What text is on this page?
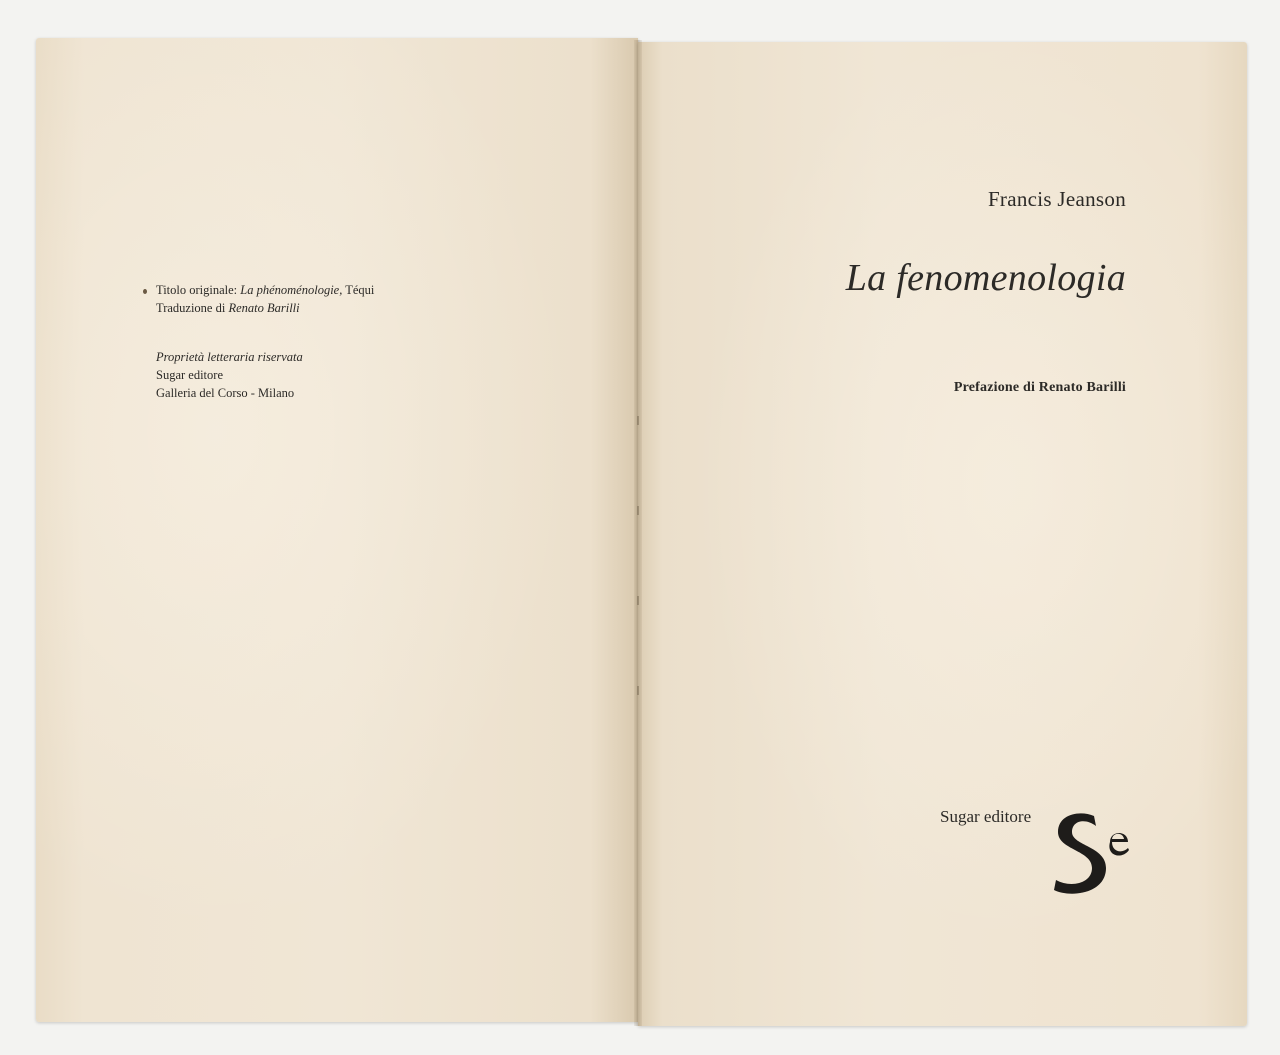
Titolo originale: La phénoménologie, Téqui
Traduzione di Renato Barilli
Proprietà letteraria riservata
Sugar editore
Galleria del Corso - Milano
Francis Jeanson
La fenomenologia
Prefazione di Renato Barilli
Sugar editore
